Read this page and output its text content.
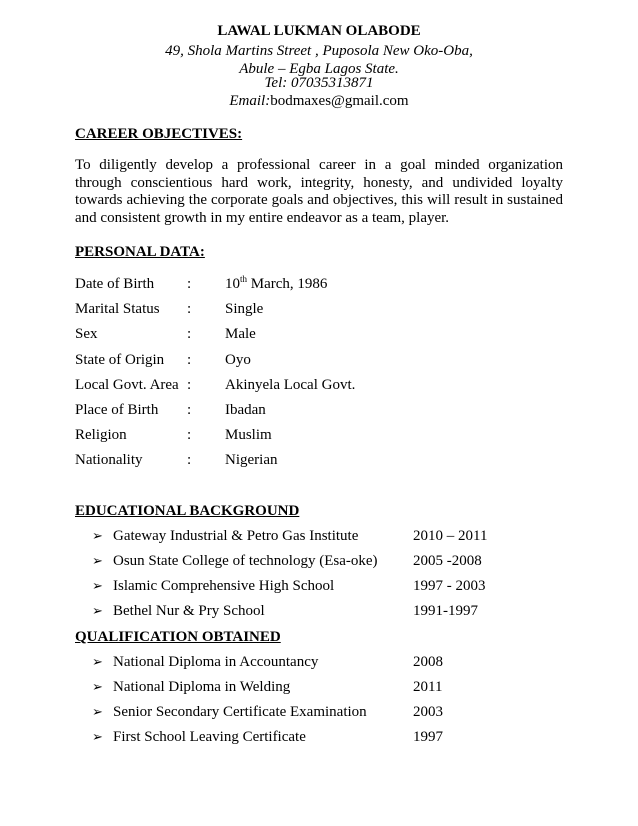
LAWAL LUKMAN OLABODE
49, Shola Martins Street , Puposola New Oko-Oba,
Abule – Egba Lagos State.
Tel: 07035313871
Email:bodmaxes@gmail.com
CAREER OBJECTIVES:
To diligently develop a professional career in a goal minded organization through conscientious hard work, integrity, honesty, and undivided loyalty towards achieving the corporate goals and objectives, this will result in sustained and consistent growth in my entire endeavor as a team, player.
PERSONAL DATA:
Date of Birth : 10th March, 1986
Marital Status : Single
Sex	: Male
State of Origin : Oyo
Local Govt. Area : Akinyela Local Govt.
Place of Birth : Ibadan
Religion	: Muslim
Nationality	: Nigerian
EDUCATIONAL BACKGROUND
➢ Gateway Industrial & Petro Gas Institute	2010 – 2011
➢ Osun State College of technology (Esa-oke) 2005 -2008
➢ Islamic Comprehensive High School	1997 - 2003
➢ Bethel Nur & Pry School	1991-1997
QUALIFICATION OBTAINED
➢ National Diploma in Accountancy	2008
➢ National Diploma in Welding	2011
➢ Senior Secondary Certificate Examination	2003
➢ First School Leaving Certificate	1997
